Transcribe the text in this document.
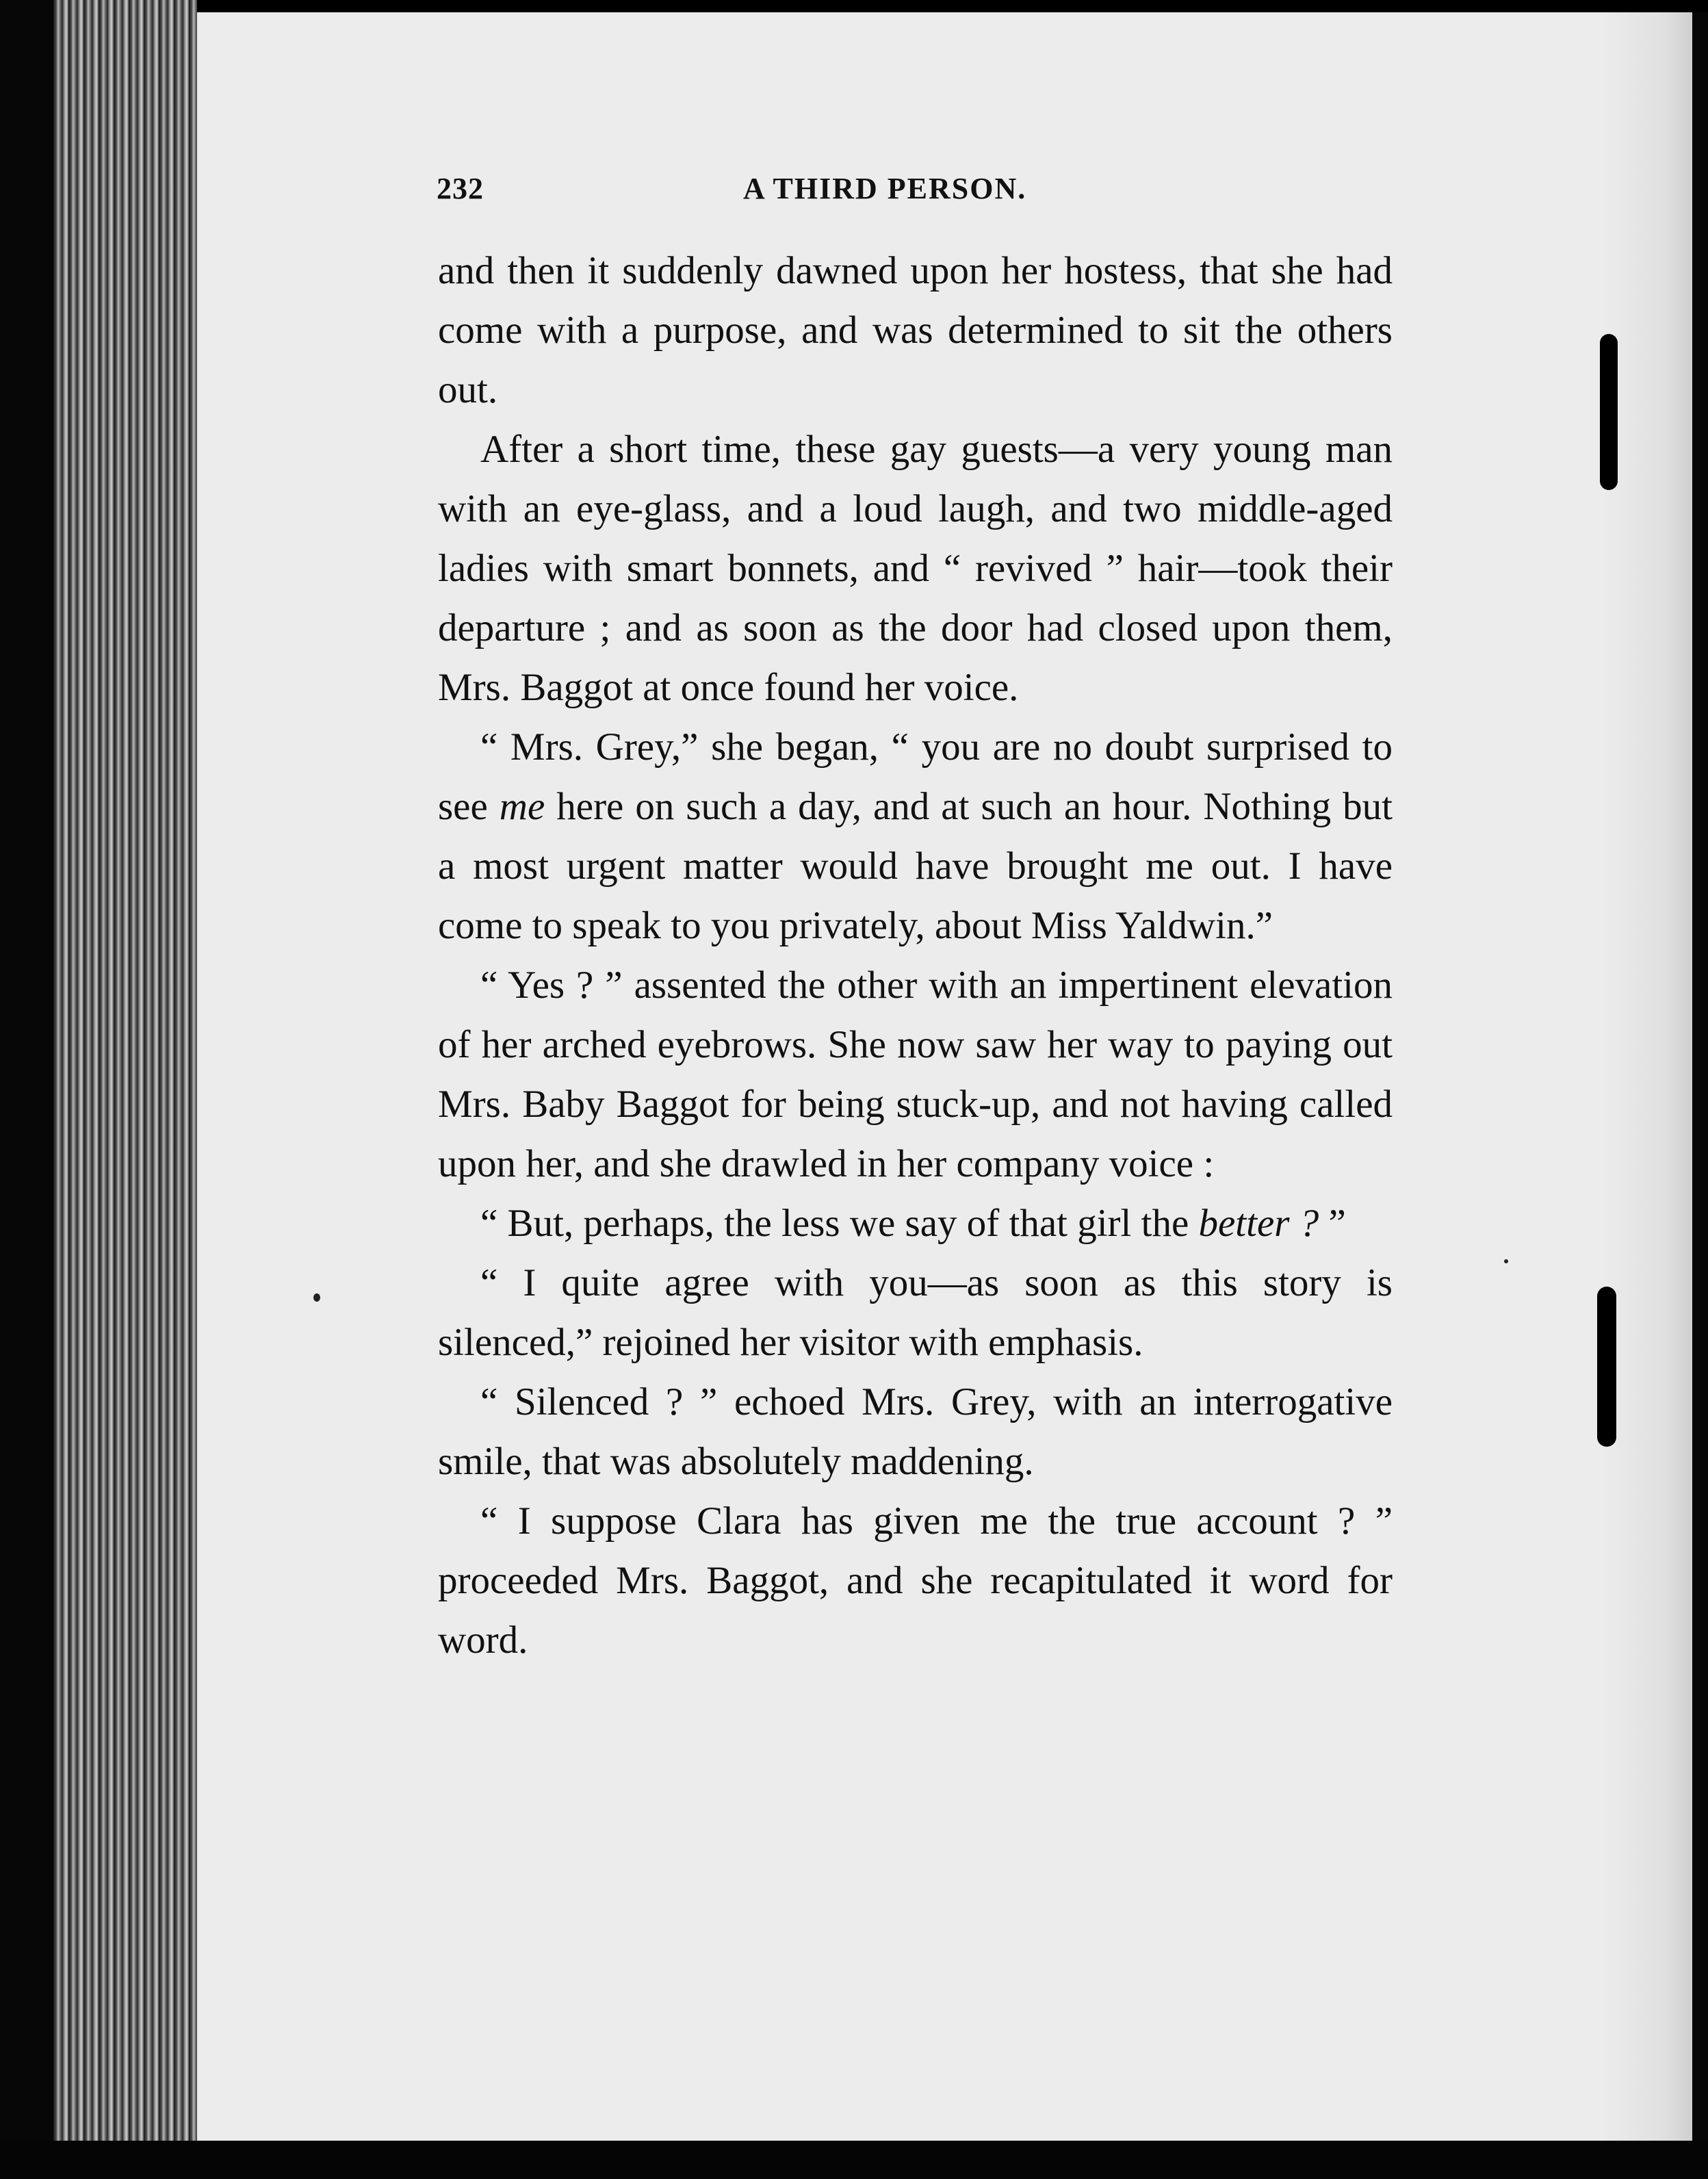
232	A THIRD PERSON.

and then it suddenly dawned upon her hostess, that she had come with a purpose, and was determined to sit the others out.

After a short time, these gay guests—a very young man with an eye-glass, and a loud laugh, and two middle-aged ladies with smart bonnets, and “ revived ” hair—took their departure ; and as soon as the door had closed upon them, Mrs. Baggot at once found her voice.

“ Mrs. Grey,” she began, “ you are no doubt surprised to see me here on such a day, and at such an hour. Nothing but a most urgent matter would have brought me out. I have come to speak to you privately, about Miss Yaldwin.”

“ Yes ? ” assented the other with an impertinent elevation of her arched eyebrows. She now saw her way to paying out Mrs. Baby Baggot for being stuck-up, and not having called upon her, and she drawled in her company voice :

“ But, perhaps, the less we say of that girl the better ? ”

“ I quite agree with you—as soon as this story is silenced,” rejoined her visitor with emphasis.

“ Silenced ? ” echoed Mrs. Grey, with an interrogative smile, that was absolutely maddening.

“ I suppose Clara has given me the true account ? ” proceeded Mrs. Baggot, and she recapitulated it word for word.
